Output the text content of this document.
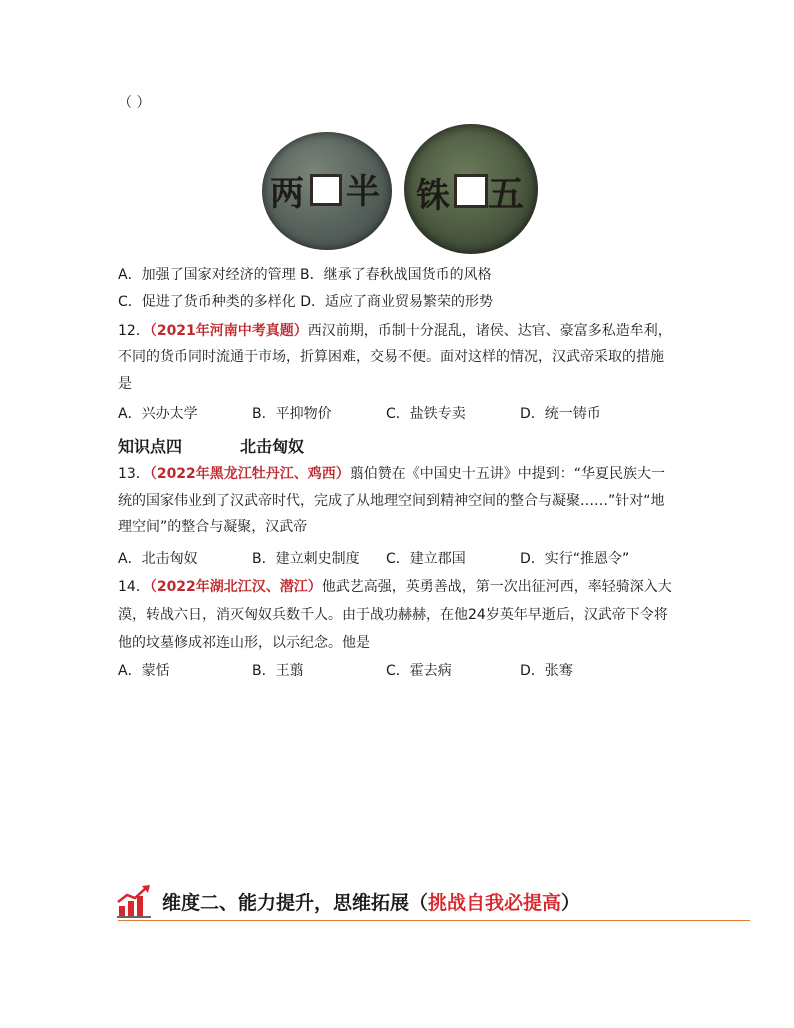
（ ）
两 半 铢 五
A．加强了国家对经济的管理 B．继承了春秋战国货币的风格
C．促进了货币种类的多样化 D．适应了商业贸易繁荣的形势
12．（2021年河南中考真题）西汉前期，币制十分混乱，诸侯、达官、豪富多私造牟利，
不同的货币同时流通于市场，折算困难，交易不便。面对这样的情况，汉武帝采取的措施
是
A．兴办太学	B．平抑物价	C．盐铁专卖	D．统一铸币
知识点四	北击匈奴
13．（2022年黑龙江牡丹江、鸡西）翦伯赞在《中国史十五讲》中提到：“华夏民族大一
统的国家伟业到了汉武帝时代，完成了从地理空间到精神空间的整合与凝聚……”针对“地
理空间”的整合与凝聚，汉武帝
A．北击匈奴	B．建立刺史制度 C．建立郡国	D．实行“推恩令”
14．（2022年湖北江汉、潜江）他武艺高强，英勇善战，第一次出征河西，率轻骑深入大
漠，转战六日，消灭匈奴兵数千人。由于战功赫赫，在他24岁英年早逝后，汉武帝下令将
他的坟墓修成祁连山形，以示纪念。他是
A．蒙恬	B．王翦	C．霍去病	D．张骞
维度二、能力提升，思维拓展（挑战自我必提高）
